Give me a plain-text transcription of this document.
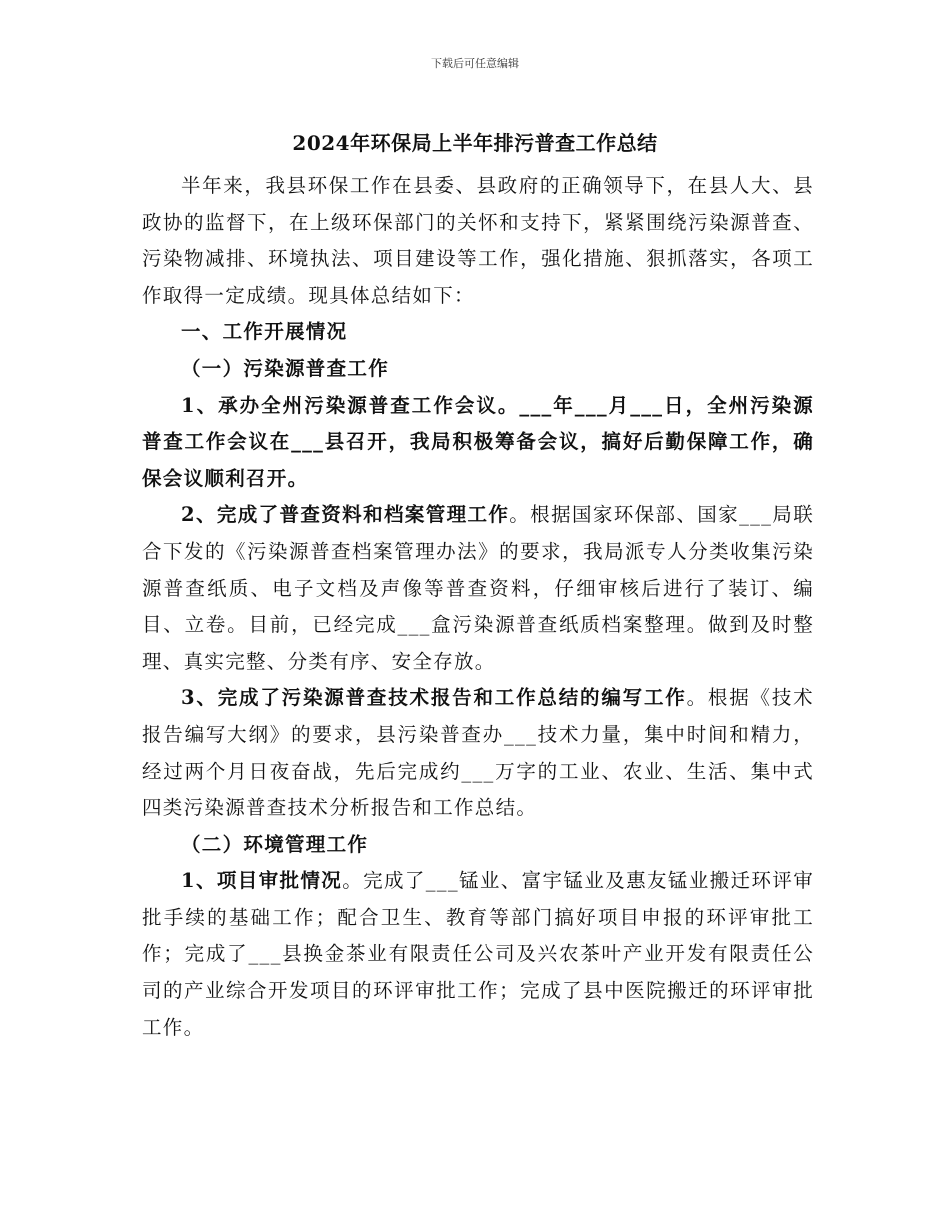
下载后可任意编辑
2024年环保局上半年排污普查工作总结

半年来，我县环保工作在县委、县政府的正确领导下，在县人大、县政协的监督下，在上级环保部门的关怀和支持下，紧紧围绕污染源普查、污染物减排、环境执法、项目建设等工作，强化措施、狠抓落实，各项工作取得一定成绩。现具体总结如下：

一、工作开展情况

（一）污染源普查工作

1、承办全州污染源普查工作会议。___年___月___日，全州污染源普查工作会议在___县召开，我局积极筹备会议，搞好后勤保障工作，确保会议顺利召开。

2、完成了普查资料和档案管理工作。根据国家环保部、国家___局联合下发的《污染源普查档案管理办法》的要求，我局派专人分类收集污染源普查纸质、电子文档及声像等普查资料，仔细审核后进行了装订、编目、立卷。目前，已经完成___盒污染源普查纸质档案整理。做到及时整理、真实完整、分类有序、安全存放。

3、完成了污染源普查技术报告和工作总结的编写工作。根据《技术报告编写大纲》的要求，县污染普查办___技术力量，集中时间和精力，经过两个月日夜奋战，先后完成约___万字的工业、农业、生活、集中式四类污染源普查技术分析报告和工作总结。

（二）环境管理工作

1、项目审批情况。完成了___锰业、富宇锰业及惠友锰业搬迁环评审批手续的基础工作；配合卫生、教育等部门搞好项目申报的环评审批工作；完成了___县换金茶业有限责任公司及兴农茶叶产业开发有限责任公司的产业综合开发项目的环评审批工作；完成了县中医院搬迁的环评审批工作。
